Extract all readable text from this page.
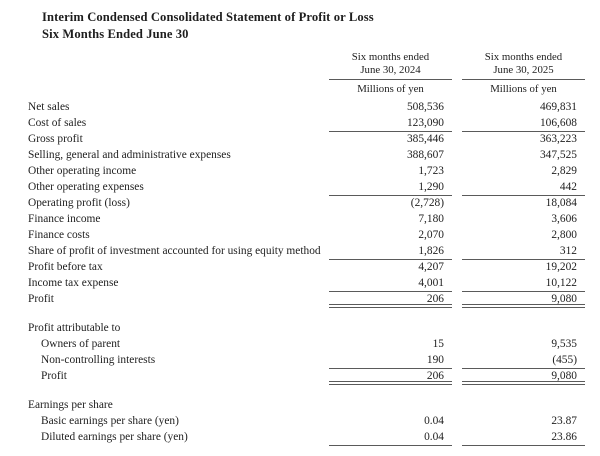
Interim Condensed Consolidated Statement of Profit or Loss
Six Months Ended June 30
Six months ended
June 30, 2024
Millions of yen
Six months ended
June 30, 2025
Millions of yen
Net sales	508,536	469,831
Cost of sales	123,090	106,608
Gross profit	385,446	363,223
Selling, general and administrative expenses	388,607	347,525
Other operating income	1,723	2,829
Other operating expenses	1,290	442
Operating profit (loss)	(2,728)	18,084
Finance income	7,180	3,606
Finance costs	2,070	2,800
Share of profit of investment accounted for using equity method	1,826	312
Profit before tax	4,207	19,202
Income tax expense	4,001	10,122
Profit	206	9,080
Profit attributable to
Owners of parent	15	9,535
Non-controlling interests	190	(455)
Profit	206	9,080
Earnings per share
Basic earnings per share (yen)	0.04	23.87
Diluted earnings per share (yen)	0.04	23.86
